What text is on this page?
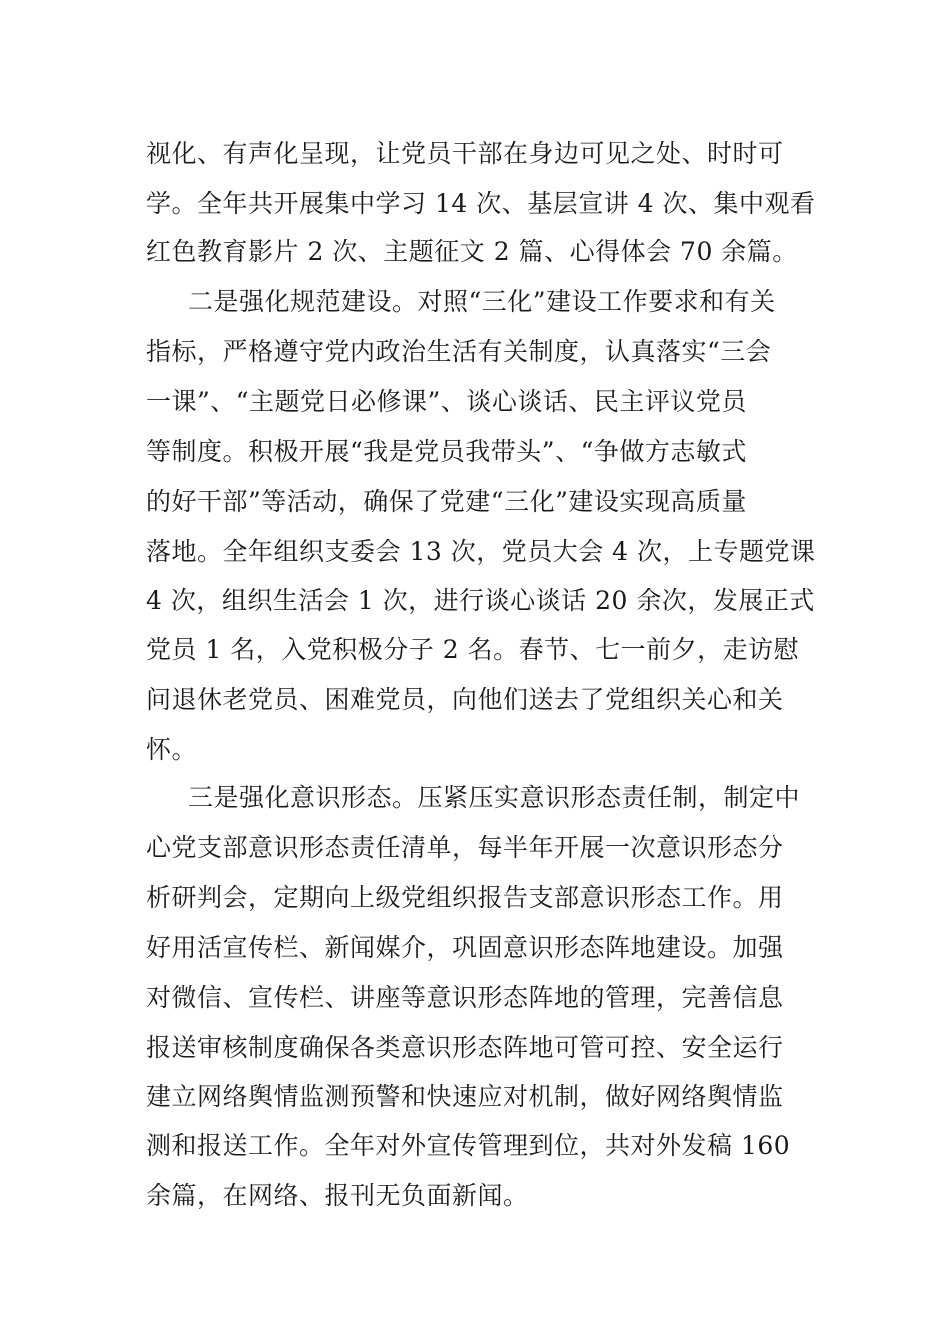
视化、有声化呈现，让党员干部在身边可见之处、时时可
学。全年共开展集中学习 14 次、基层宣讲 4 次、集中观看
红色教育影片 2 次、主题征文 2 篇、心得体会 70 余篇。
二是强化规范建设。对照“三化”建设工作要求和有关
指标，严格遵守党内政治生活有关制度，认真落实“三会
一课”、“主题党日必修课”、谈心谈话、民主评议党员
等制度。积极开展“我是党员我带头”、“争做方志敏式
的好干部”等活动，确保了党建“三化”建设实现高质量
落地。全年组织支委会 13 次，党员大会 4 次，上专题党课
4 次，组织生活会 1 次，进行谈心谈话 20 余次，发展正式
党员 1 名，入党积极分子 2 名。春节、七一前夕，走访慰
问退休老党员、困难党员，向他们送去了党组织关心和关
怀。
三是强化意识形态。压紧压实意识形态责任制，制定中
心党支部意识形态责任清单，每半年开展一次意识形态分
析研判会，定期向上级党组织报告支部意识形态工作。用
好用活宣传栏、新闻媒介，巩固意识形态阵地建设。加强
对微信、宣传栏、讲座等意识形态阵地的管理，完善信息
报送审核制度确保各类意识形态阵地可管可控、安全运行
建立网络舆情监测预警和快速应对机制，做好网络舆情监
测和报送工作。全年对外宣传管理到位，共对外发稿 160
余篇，在网络、报刊无负面新闻。
